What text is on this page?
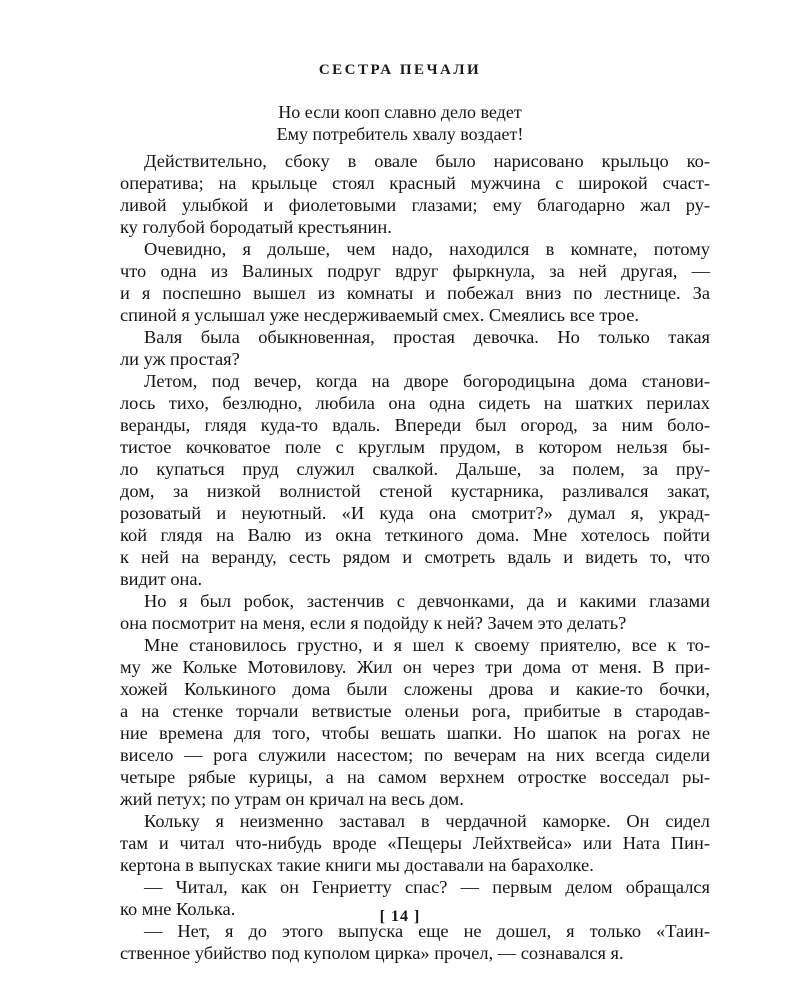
СЕСТРА ПЕЧАЛИ
Но если кооп славно дело ведет
Ему потребитель хвалу воздает!

Действительно, сбоку в овале было нарисовано крыльцо ко-
оператива; на крыльце стоял красный мужчина с широкой счаст-
ливой улыбкой и фиолетовыми глазами; ему благодарно жал ру-
ку голубой бородатый крестьянин.

Очевидно, я дольше, чем надо, находился в комнате, потому
что одна из Валиных подруг вдруг фыркнула, за ней другая, —
и я поспешно вышел из комнаты и побежал вниз по лестнице. За
спиной я услышал уже несдерживаемый смех. Смеялись все трое.

Валя была обыкновенная, простая девочка. Но только такая
ли уж простая?

Летом, под вечер, когда на дворе богородицына дома станови-
лось тихо, безлюдно, любила она одна сидеть на шатких перилах
веранды, глядя куда-то вдаль. Впереди был огород, за ним боло-
тистое кочковатое поле с круглым прудом, в котором нельзя бы-
ло купаться пруд служил свалкой. Дальше, за полем, за пру-
дом, за низкой волнистой стеной кустарника, разливался закат,
розоватый и неуютный. «И куда она смотрит?» думал я, украд-
кой глядя на Валю из окна теткиного дома. Мне хотелось пойти
к ней на веранду, сесть рядом и смотреть вдаль и видеть то, что
видит она.

Но я был робок, застенчив с девчонками, да и какими глазами
она посмотрит на меня, если я подойду к ней? Зачем это делать?

Мне становилось грустно, и я шел к своему приятелю, все к то-
му же Кольке Мотовилову. Жил он через три дома от меня. В при-
хожей Колькиного дома были сложены дрова и какие-то бочки,
а на стенке торчали ветвистые оленьи рога, прибитые в стародав-
ние времена для того, чтобы вешать шапки. Но шапок на рогах не
висело — рога служили насестом; по вечерам на них всегда сидели
четыре рябые курицы, а на самом верхнем отростке восседал ры-
жий петух; по утрам он кричал на весь дом.

Кольку я неизменно заставал в чердачной каморке. Он сидел
там и читал что-нибудь вроде «Пещеры Лейхтвейса» или Ната Пин-
кертона в выпусках такие книги мы доставали на барахолке.

— Читал, как он Генриетту спас? — первым делом обращался
ко мне Колька.

— Нет, я до этого выпуска еще не дошел, я только «Таин-
ственное убийство под куполом цирка» прочел, — сознавался я.

[ 14 ]
